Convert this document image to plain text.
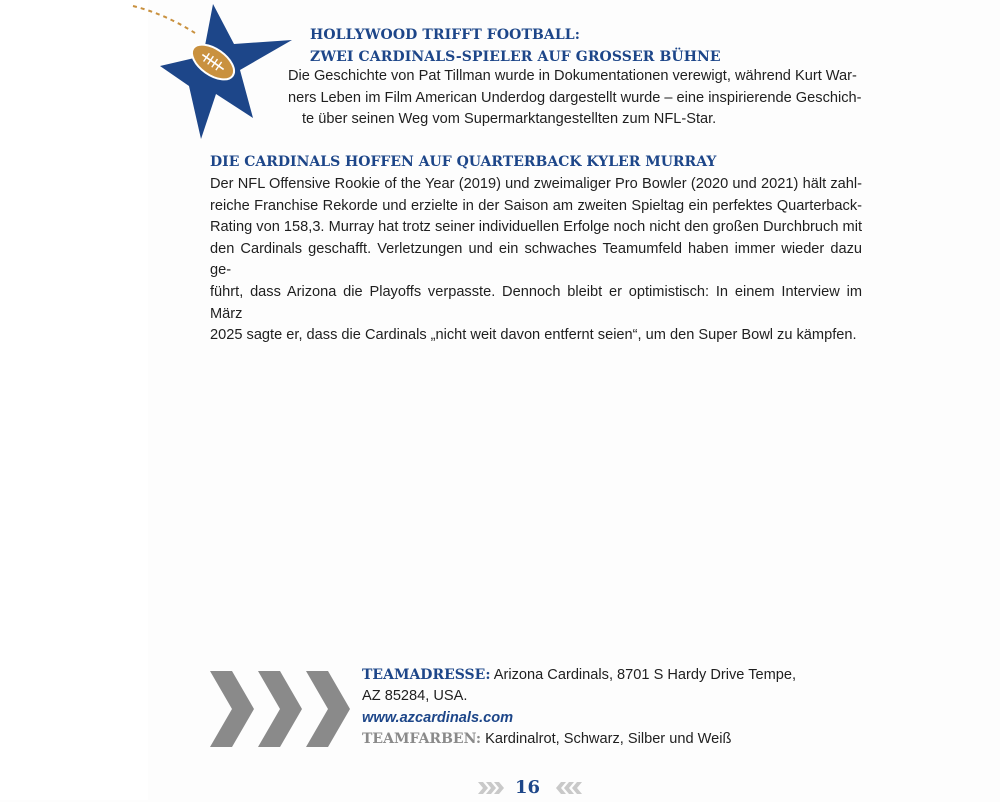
HOLLYWOOD TRIFFT FOOTBALL:
ZWEI CARDINALS-SPIELER AUF GROSSER BÜHNE
Die Geschichte von Pat Tillman wurde in Dokumentationen verewigt, während Kurt War-
ners Leben im Film American Underdog dargestellt wurde – eine inspirierende Geschich-
te über seinen Weg vom Supermarktangestellten zum NFL-Star.
DIE CARDINALS HOFFEN AUF QUARTERBACK KYLER MURRAY
Der NFL Offensive Rookie of the Year (2019) und zweimaliger Pro Bowler (2020 und 2021) hält zahl-
reiche Franchise Rekorde und erzielte in der Saison am zweiten Spieltag ein perfektes Quarterback-
Rating von 158,3. Murray hat trotz seiner individuellen Erfolge noch nicht den großen Durchbruch mit
den Cardinals geschafft. Verletzungen und ein schwaches Teamumfeld haben immer wieder dazu ge-
führt, dass Arizona die Playoffs verpasste. Dennoch bleibt er optimistisch: In einem Interview im März
2025 sagte er, dass die Cardinals „nicht weit davon entfernt seien“, um den Super Bowl zu kämpfen.
TEAMADRESSE: Arizona Cardinals, 8701 S Hardy Drive Tempe,
AZ 85284, USA.
www.azcardinals.com
TEAMFARBEN: Kardinalrot, Schwarz, Silber und Weiß
16
